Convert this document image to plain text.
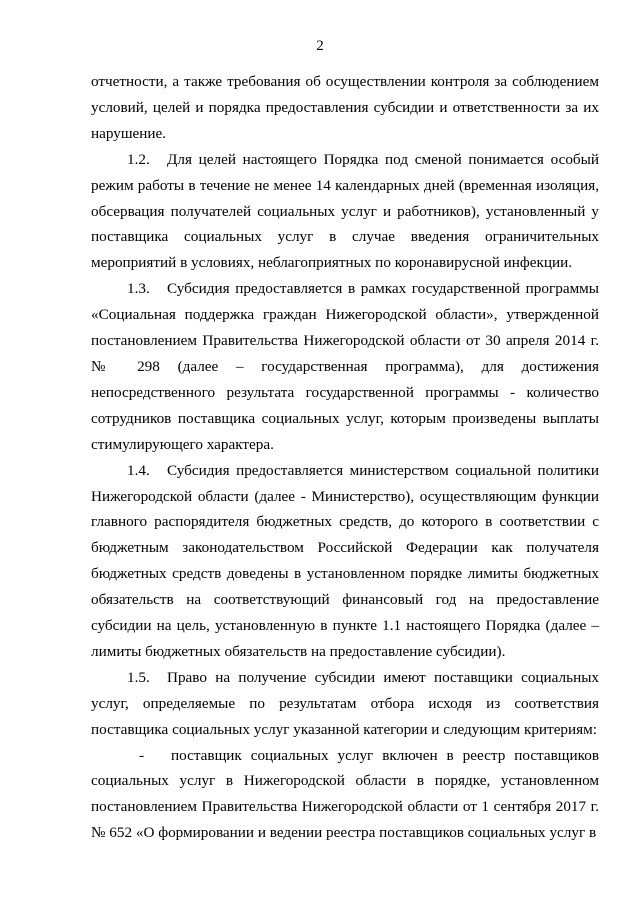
2

отчетности, а также требования об осуществлении контроля за соблюдением условий, целей и порядка предоставления субсидии и ответственности за их нарушение.

1.2. Для целей настоящего Порядка под сменой понимается особый режим работы в течение не менее 14 календарных дней (временная изоляция, обсервация получателей социальных услуг и работников), установленный у поставщика социальных услуг в случае введения ограничительных мероприятий в условиях, неблагоприятных по коронавирусной инфекции.

1.3. Субсидия предоставляется в рамках государственной программы «Социальная поддержка граждан Нижегородской области», утвержденной постановлением Правительства Нижегородской области от 30 апреля 2014 г. № 298 (далее – государственная программа), для достижения непосредственного результата государственной программы - количество сотрудников поставщика социальных услуг, которым произведены выплаты стимулирующего характера.

1.4. Субсидия предоставляется министерством социальной политики Нижегородской области (далее - Министерство), осуществляющим функции главного распорядителя бюджетных средств, до которого в соответствии с бюджетным законодательством Российской Федерации как получателя бюджетных средств доведены в установленном порядке лимиты бюджетных обязательств на соответствующий финансовый год на предоставление субсидии на цель, установленную в пункте 1.1 настоящего Порядка (далее – лимиты бюджетных обязательств на предоставление субсидии).

1.5. Право на получение субсидии имеют поставщики социальных услуг, определяемые по результатам отбора исходя из соответствия поставщика социальных услуг указанной категории и следующим критериям:

- поставщик социальных услуг включен в реестр поставщиков социальных услуг в Нижегородской области в порядке, установленном постановлением Правительства Нижегородской области от 1 сентября 2017 г. № 652 «О формировании и ведении реестра поставщиков социальных услуг в
